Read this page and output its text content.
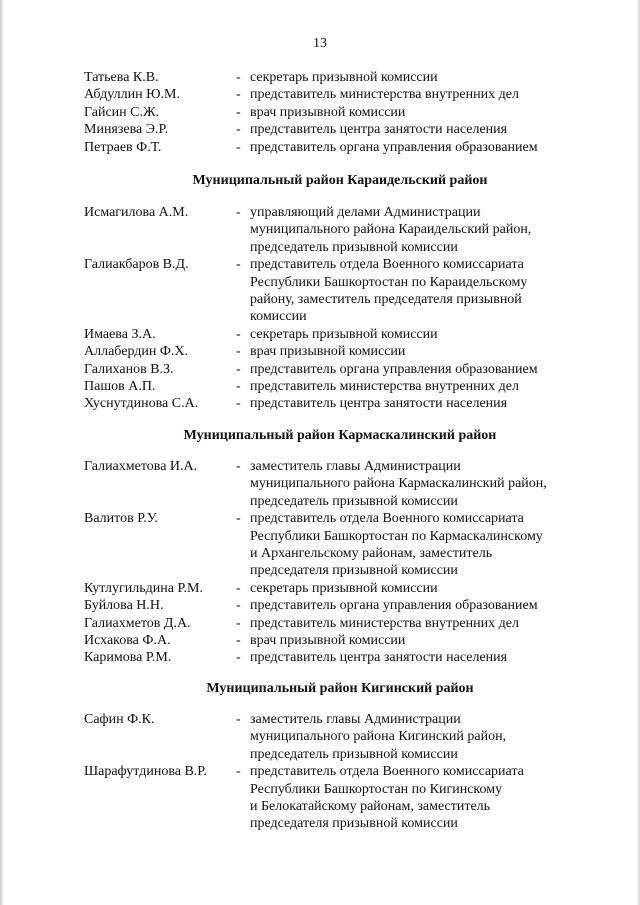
13
Татьева К.В.	- секретарь призывной комиссии
Абдуллин Ю.М.	- представитель министерства внутренних дел
Гайсин С.Ж.	- врач призывной комиссии
Минязева Э.Р.	- представитель центра занятости населения
Петраев Ф.Т.	- представитель органа управления образованием
Муниципальный район Караидельский район
Исмагилова А.М.	- управляющий делами Администрации
муниципального района Караидельский район,
председатель призывной комиссии
Галиакбаров В.Д.	- представитель отдела Военного комиссариата
Республики Башкортостан по Караидельскому
району, заместитель председателя призывной
комиссии
Имаева З.А.	- секретарь призывной комиссии
Аллабердин Ф.Х.	- врач призывной комиссии
Галиханов В.З.	- представитель органа управления образованием
Пашов А.П.	- представитель министерства внутренних дел
Хуснутдинова С.А.	- представитель центра занятости населения
Муниципальный район Кармаскалинский район
Галиахметова И.А.	- заместитель главы Администрации
муниципального района Кармаскалинский район,
председатель призывной комиссии
Валитов Р.У.	- представитель отдела Военного комиссариата
Республики Башкортостан по Кармаскалинскому
и Архангельскому районам, заместитель
председателя призывной комиссии
Кутлугильдина Р.М.	- секретарь призывной комиссии
Буйлова Н.Н.	- представитель органа управления образованием
Галиахметов Д.А.	- представитель министерства внутренних дел
Исхакова Ф.А.	- врач призывной комиссии
Каримова Р.М.	- представитель центра занятости населения
Муниципальный район Кигинский район
Сафин Ф.К.	- заместитель главы Администрации
муниципального района Кигинский район,
председатель призывной комиссии
Шарафутдинова В.Р.	- представитель отдела Военного комиссариата
Республики Башкортостан по Кигинскому
и Белокатайскому районам, заместитель
председателя призывной комиссии
